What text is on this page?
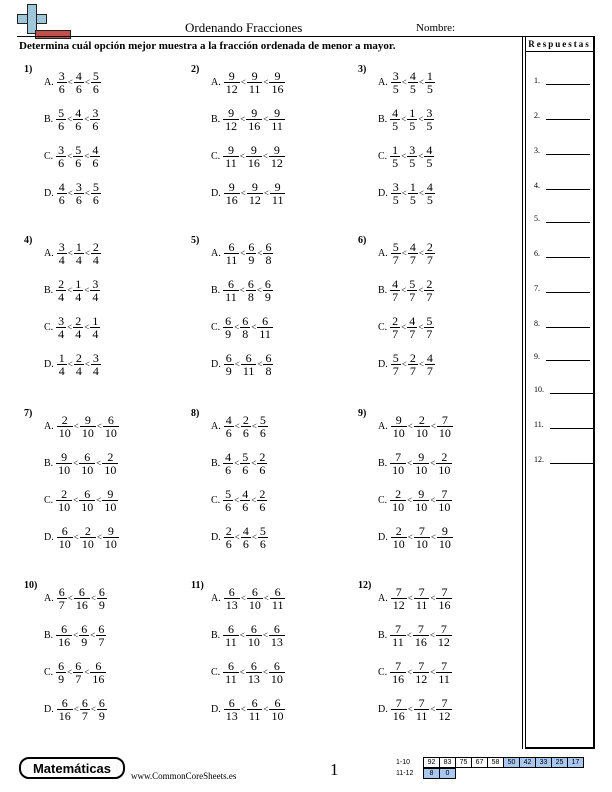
Ordenando Fracciones	Nombre:
Determina cuál opción mejor muestra a la fracción ordenada de menor a mayor.	Respuestas
1.
2.
3.
4.
5.
6.
7.
8.
9.
10.
11.
12.
1)
A. $\frac{3}{6} < \frac{4}{6} < \frac{5}{6}$
B. $\frac{5}{6} < \frac{4}{6} < \frac{3}{6}$
C. $\frac{3}{6} < \frac{5}{6} < \frac{4}{6}$
D. $\frac{4}{6} < \frac{3}{6} < \frac{5}{6}$
2)
A. $\frac{9}{12} < \frac{9}{11} < \frac{9}{16}$
B. $\frac{9}{12} < \frac{9}{16} < \frac{9}{11}$
C. $\frac{9}{11} < \frac{9}{16} < \frac{9}{12}$
D. $\frac{9}{16} < \frac{9}{12} < \frac{9}{11}$
3)
A. $\frac{3}{5} < \frac{4}{5} < \frac{1}{5}$
B. $\frac{4}{5} < \frac{1}{5} < \frac{3}{5}$
C. $\frac{1}{5} < \frac{3}{5} < \frac{4}{5}$
D. $\frac{3}{5} < \frac{1}{5} < \frac{4}{5}$
4)
A. $\frac{3}{4} < \frac{1}{4} < \frac{2}{4}$
B. $\frac{2}{4} < \frac{1}{4} < \frac{3}{4}$
C. $\frac{3}{4} < \frac{2}{4} < \frac{1}{4}$
D. $\frac{1}{4} < \frac{2}{4} < \frac{3}{4}$
5)
A. $\frac{6}{11} < \frac{6}{9} < \frac{6}{8}$
B. $\frac{6}{11} < \frac{6}{8} < \frac{6}{9}$
C. $\frac{6}{9} < \frac{6}{8} < \frac{6}{11}$
D. $\frac{6}{9} < \frac{6}{11} < \frac{6}{8}$
6)
A. $\frac{5}{7} < \frac{4}{7} < \frac{2}{7}$
B. $\frac{4}{7} < \frac{5}{7} < \frac{2}{7}$
C. $\frac{2}{7} < \frac{4}{7} < \frac{5}{7}$
D. $\frac{5}{7} < \frac{2}{7} < \frac{4}{7}$
7)
A. $\frac{2}{10} < \frac{9}{10} < \frac{6}{10}$
B. $\frac{9}{10} < \frac{6}{10} < \frac{2}{10}$
C. $\frac{2}{10} < \frac{6}{10} < \frac{9}{10}$
D. $\frac{6}{10} < \frac{2}{10} < \frac{9}{10}$
8)
A. $\frac{4}{6} < \frac{2}{6} < \frac{5}{6}$
B. $\frac{4}{6} < \frac{5}{6} < \frac{2}{6}$
C. $\frac{5}{6} < \frac{4}{6} < \frac{2}{6}$
D. $\frac{2}{6} < \frac{4}{6} < \frac{5}{6}$
9)
A. $\frac{9}{10} < \frac{2}{10} < \frac{7}{10}$
B. $\frac{7}{10} < \frac{9}{10} < \frac{2}{10}$
C. $\frac{2}{10} < \frac{9}{10} < \frac{7}{10}$
D. $\frac{2}{10} < \frac{7}{10} < \frac{9}{10}$
10)
A. $\frac{6}{7} < \frac{6}{16} < \frac{6}{9}$
B. $\frac{6}{16} < \frac{6}{9} < \frac{6}{7}$
C. $\frac{6}{9} < \frac{6}{7} < \frac{6}{16}$
D. $\frac{6}{16} < \frac{6}{7} < \frac{6}{9}$
11)
A. $\frac{6}{13} < \frac{6}{10} < \frac{6}{11}$
B. $\frac{6}{11} < \frac{6}{10} < \frac{6}{13}$
C. $\frac{6}{11} < \frac{6}{13} < \frac{6}{10}$
D. $\frac{6}{13} < \frac{6}{11} < \frac{6}{10}$
12)
A. $\frac{7}{12} < \frac{7}{11} < \frac{7}{16}$
B. $\frac{7}{11} < \frac{7}{16} < \frac{7}{12}$
C. $\frac{7}{16} < \frac{7}{12} < \frac{7}{11}$
D. $\frac{7}{16} < \frac{7}{11} < \frac{7}{12}$
Matemáticas	www.CommonCoreSheets.es	1	1-10	92	83	75	67	58	50	42	33	25	17
11-12	8	0
